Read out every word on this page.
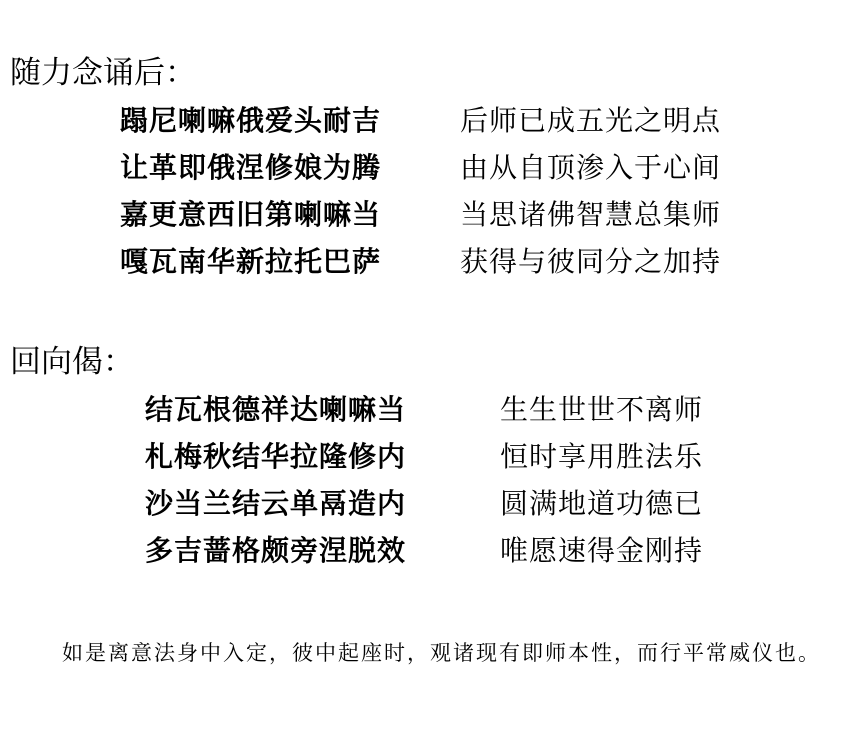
随力念诵后：
蹋尼喇嘛俄爱头耐吉	后师已成五光之明点
让革即俄涅修娘为腾	由从自顶渗入于心间
嘉更意西旧第喇嘛当	当思诸佛智慧总集师
嘎瓦南华新拉托巴萨	获得与彼同分之加持
回向偈：
结瓦根德祥达喇嘛当	生生世世不离师
札梅秋结华拉隆修内	恒时享用胜法乐
沙当兰结云单鬲造内	圆满地道功德已
多吉蔷格颇旁涅脱效	唯愿速得金刚持

如是离意法身中入定，彼中起座时，观诸现有即师本性，而行平常威仪也。
